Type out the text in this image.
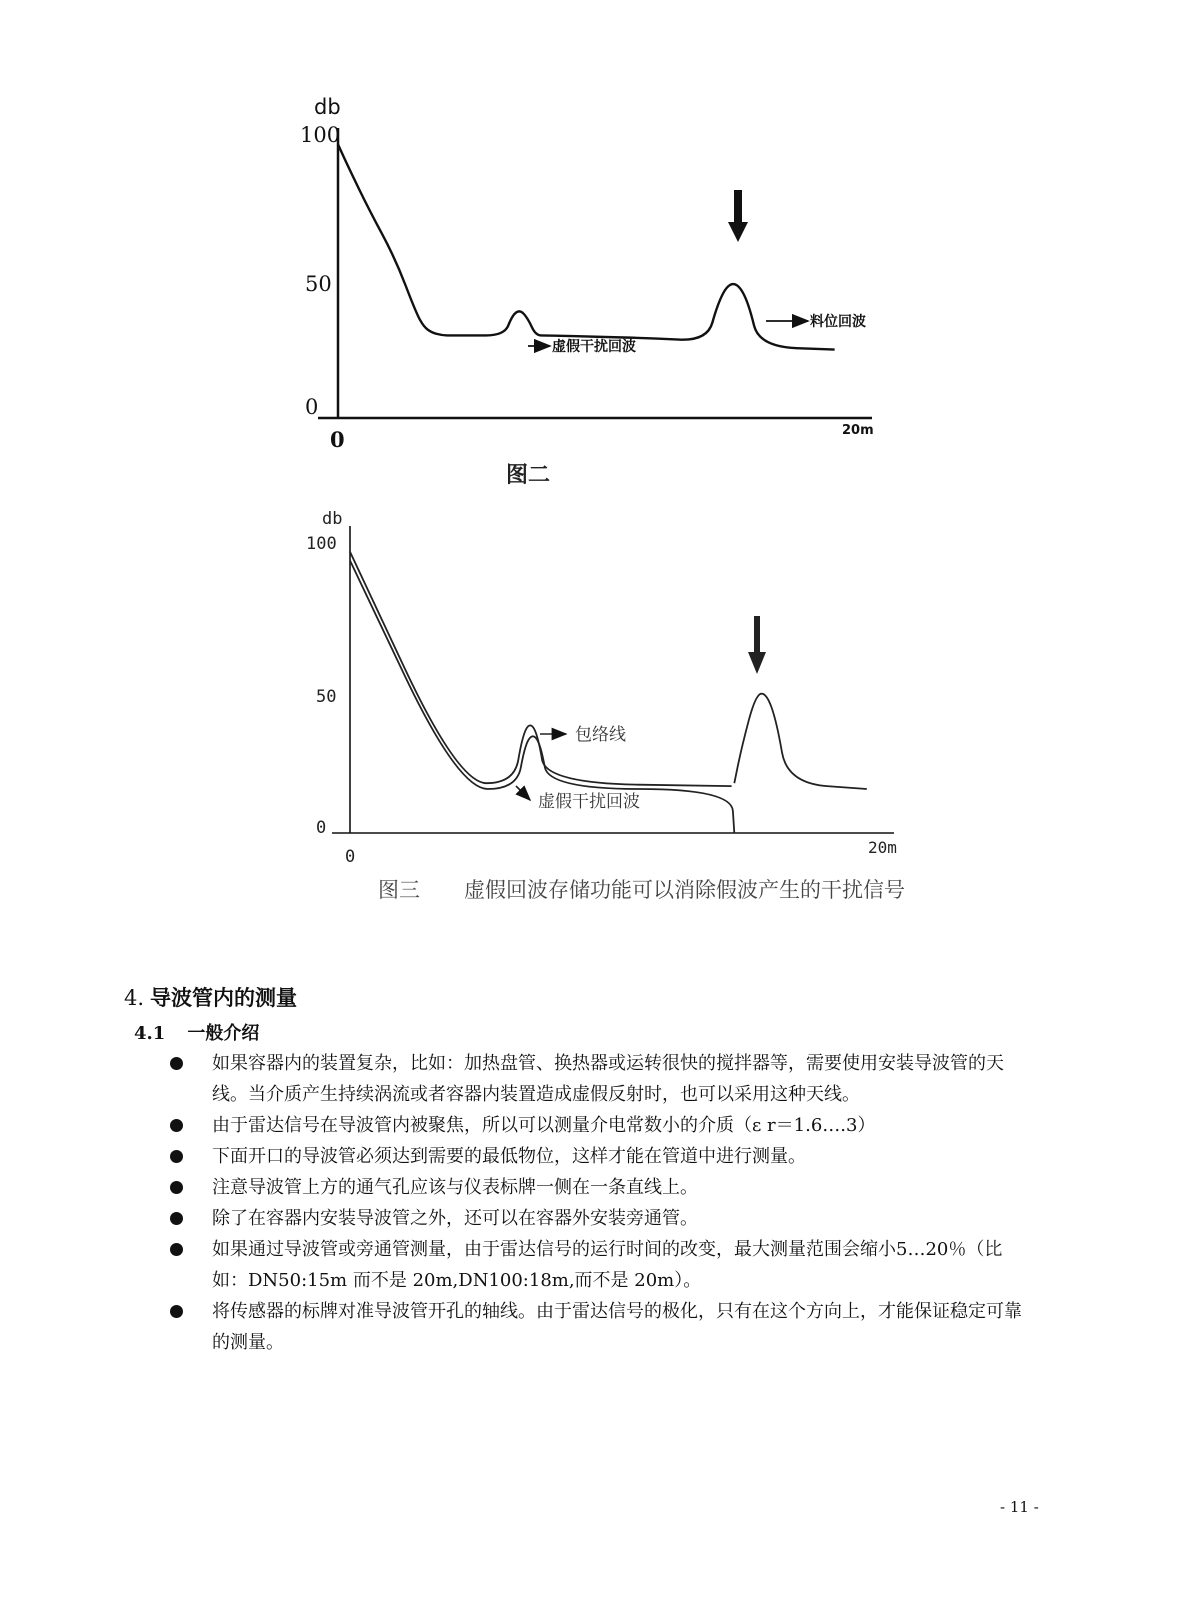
db
100
50
0
0	20m
虚假干扰回波
料位回波
db
100
50
0
0	20m
包络线
虚假干扰回波
图二
图三 虚假回波存储功能可以消除假波产生的干扰信号
4. 导波管内的测量
4.1 一般介绍
如果容器内的装置复杂，比如：加热盘管、换热器或运转很快的搅拌器等，需要使用安装导波管的天线。当介质产生持续涡流或者容器内装置造成虚假反射时，也可以采用这种天线。
由于雷达信号在导波管内被聚焦，所以可以测量介电常数小的介质（ε r＝1.6….3）
下面开口的导波管必须达到需要的最低物位，这样才能在管道中进行测量。
注意导波管上方的通气孔应该与仪表标牌一侧在一条直线上。
除了在容器内安装导波管之外，还可以在容器外安装旁通管。
如果通过导波管或旁通管测量，由于雷达信号的运行时间的改变，最大测量范围会缩小5…20％（比如：DN50:15m 而不是 20m,DN100:18m,而不是 20m）。
将传感器的标牌对准导波管开孔的轴线。由于雷达信号的极化，只有在这个方向上，才能保证稳定可靠的测量。
- 11 -
